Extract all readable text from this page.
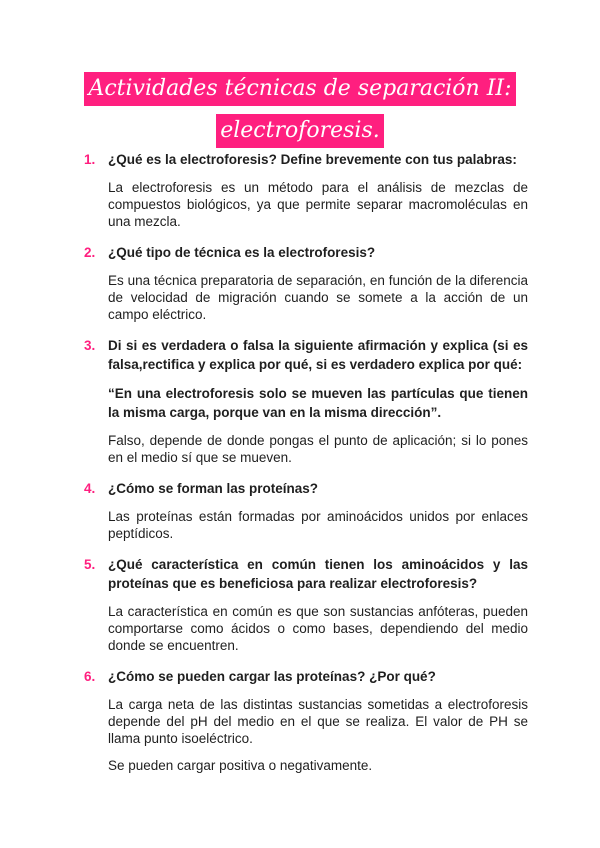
Actividades técnicas de separación II:
electroforesis.
1. ¿Qué es la electroforesis? Define brevemente con tus palabras:
La electroforesis es un método para el análisis de mezclas de compuestos biológicos, ya que permite separar macromoléculas en una mezcla.
2. ¿Qué tipo de técnica es la electroforesis?
Es una técnica preparatoria de separación, en función de la diferencia de velocidad de migración cuando se somete a la acción de un campo eléctrico.
3. Di si es verdadera o falsa la siguiente afirmación y explica (si es falsa,rectifica y explica por qué, si es verdadero explica por qué:
“En una electroforesis solo se mueven las partículas que tienen la misma carga, porque van en la misma dirección”.
Falso, depende de donde pongas el punto de aplicación; si lo pones en el medio sí que se mueven.
4. ¿Cómo se forman las proteínas?
Las proteínas están formadas por aminoácidos unidos por enlaces peptídicos.
5. ¿Qué característica en común tienen los aminoácidos y las proteínas que es beneficiosa para realizar electroforesis?
La característica en común es que son sustancias anfóteras, pueden comportarse como ácidos o como bases, dependiendo del medio donde se encuentren.
6. ¿Cómo se pueden cargar las proteínas? ¿Por qué?
La carga neta de las distintas sustancias sometidas a electroforesis depende del pH del medio en el que se realiza. El valor de PH se llama punto isoeléctrico.
Se pueden cargar positiva o negativamente.
